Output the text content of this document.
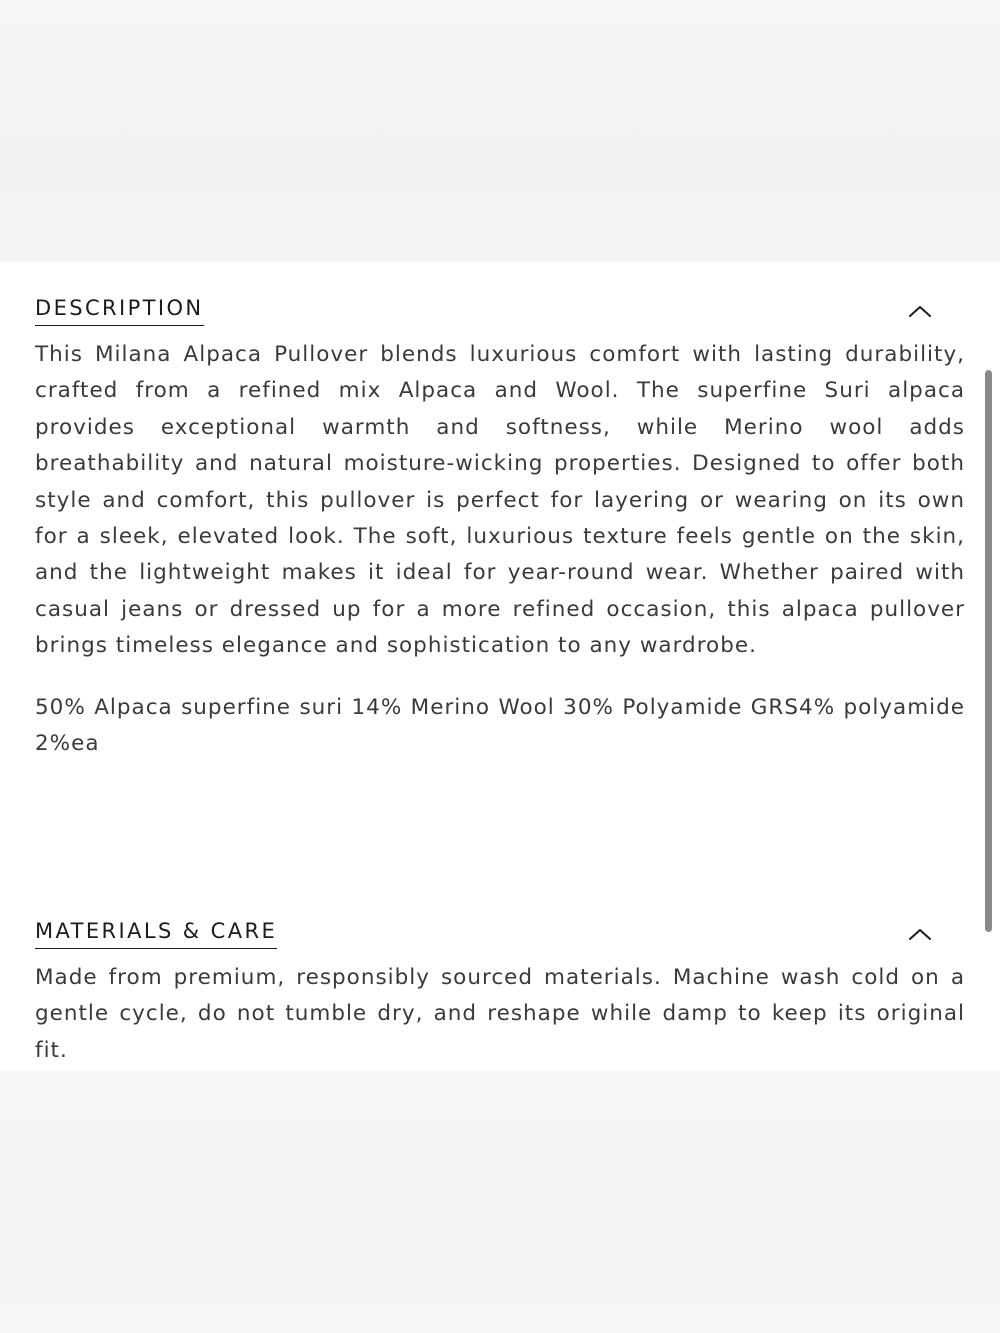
DESCRIPTION

This Milana Alpaca Pullover blends luxurious comfort with lasting durability, crafted from a refined mix Alpaca and Wool. The superfine Suri alpaca provides exceptional warmth and softness, while Merino wool adds breathability and natural moisture-wicking properties. Designed to offer both style and comfort, this pullover is perfect for layering or wearing on its own for a sleek, elevated look. The soft, luxurious texture feels gentle on the skin, and the lightweight makes it ideal for year-round wear. Whether paired with casual jeans or dressed up for a more refined occasion, this alpaca pullover brings timeless elegance and sophistication to any wardrobe.

50% Alpaca superfine suri 14% Merino Wool 30% Polyamide GRS4% polyamide 2%ea

MATERIALS & CARE

Made from premium, responsibly sourced materials. Machine wash cold on a gentle cycle, do not tumble dry, and reshape while damp to keep its original fit.
